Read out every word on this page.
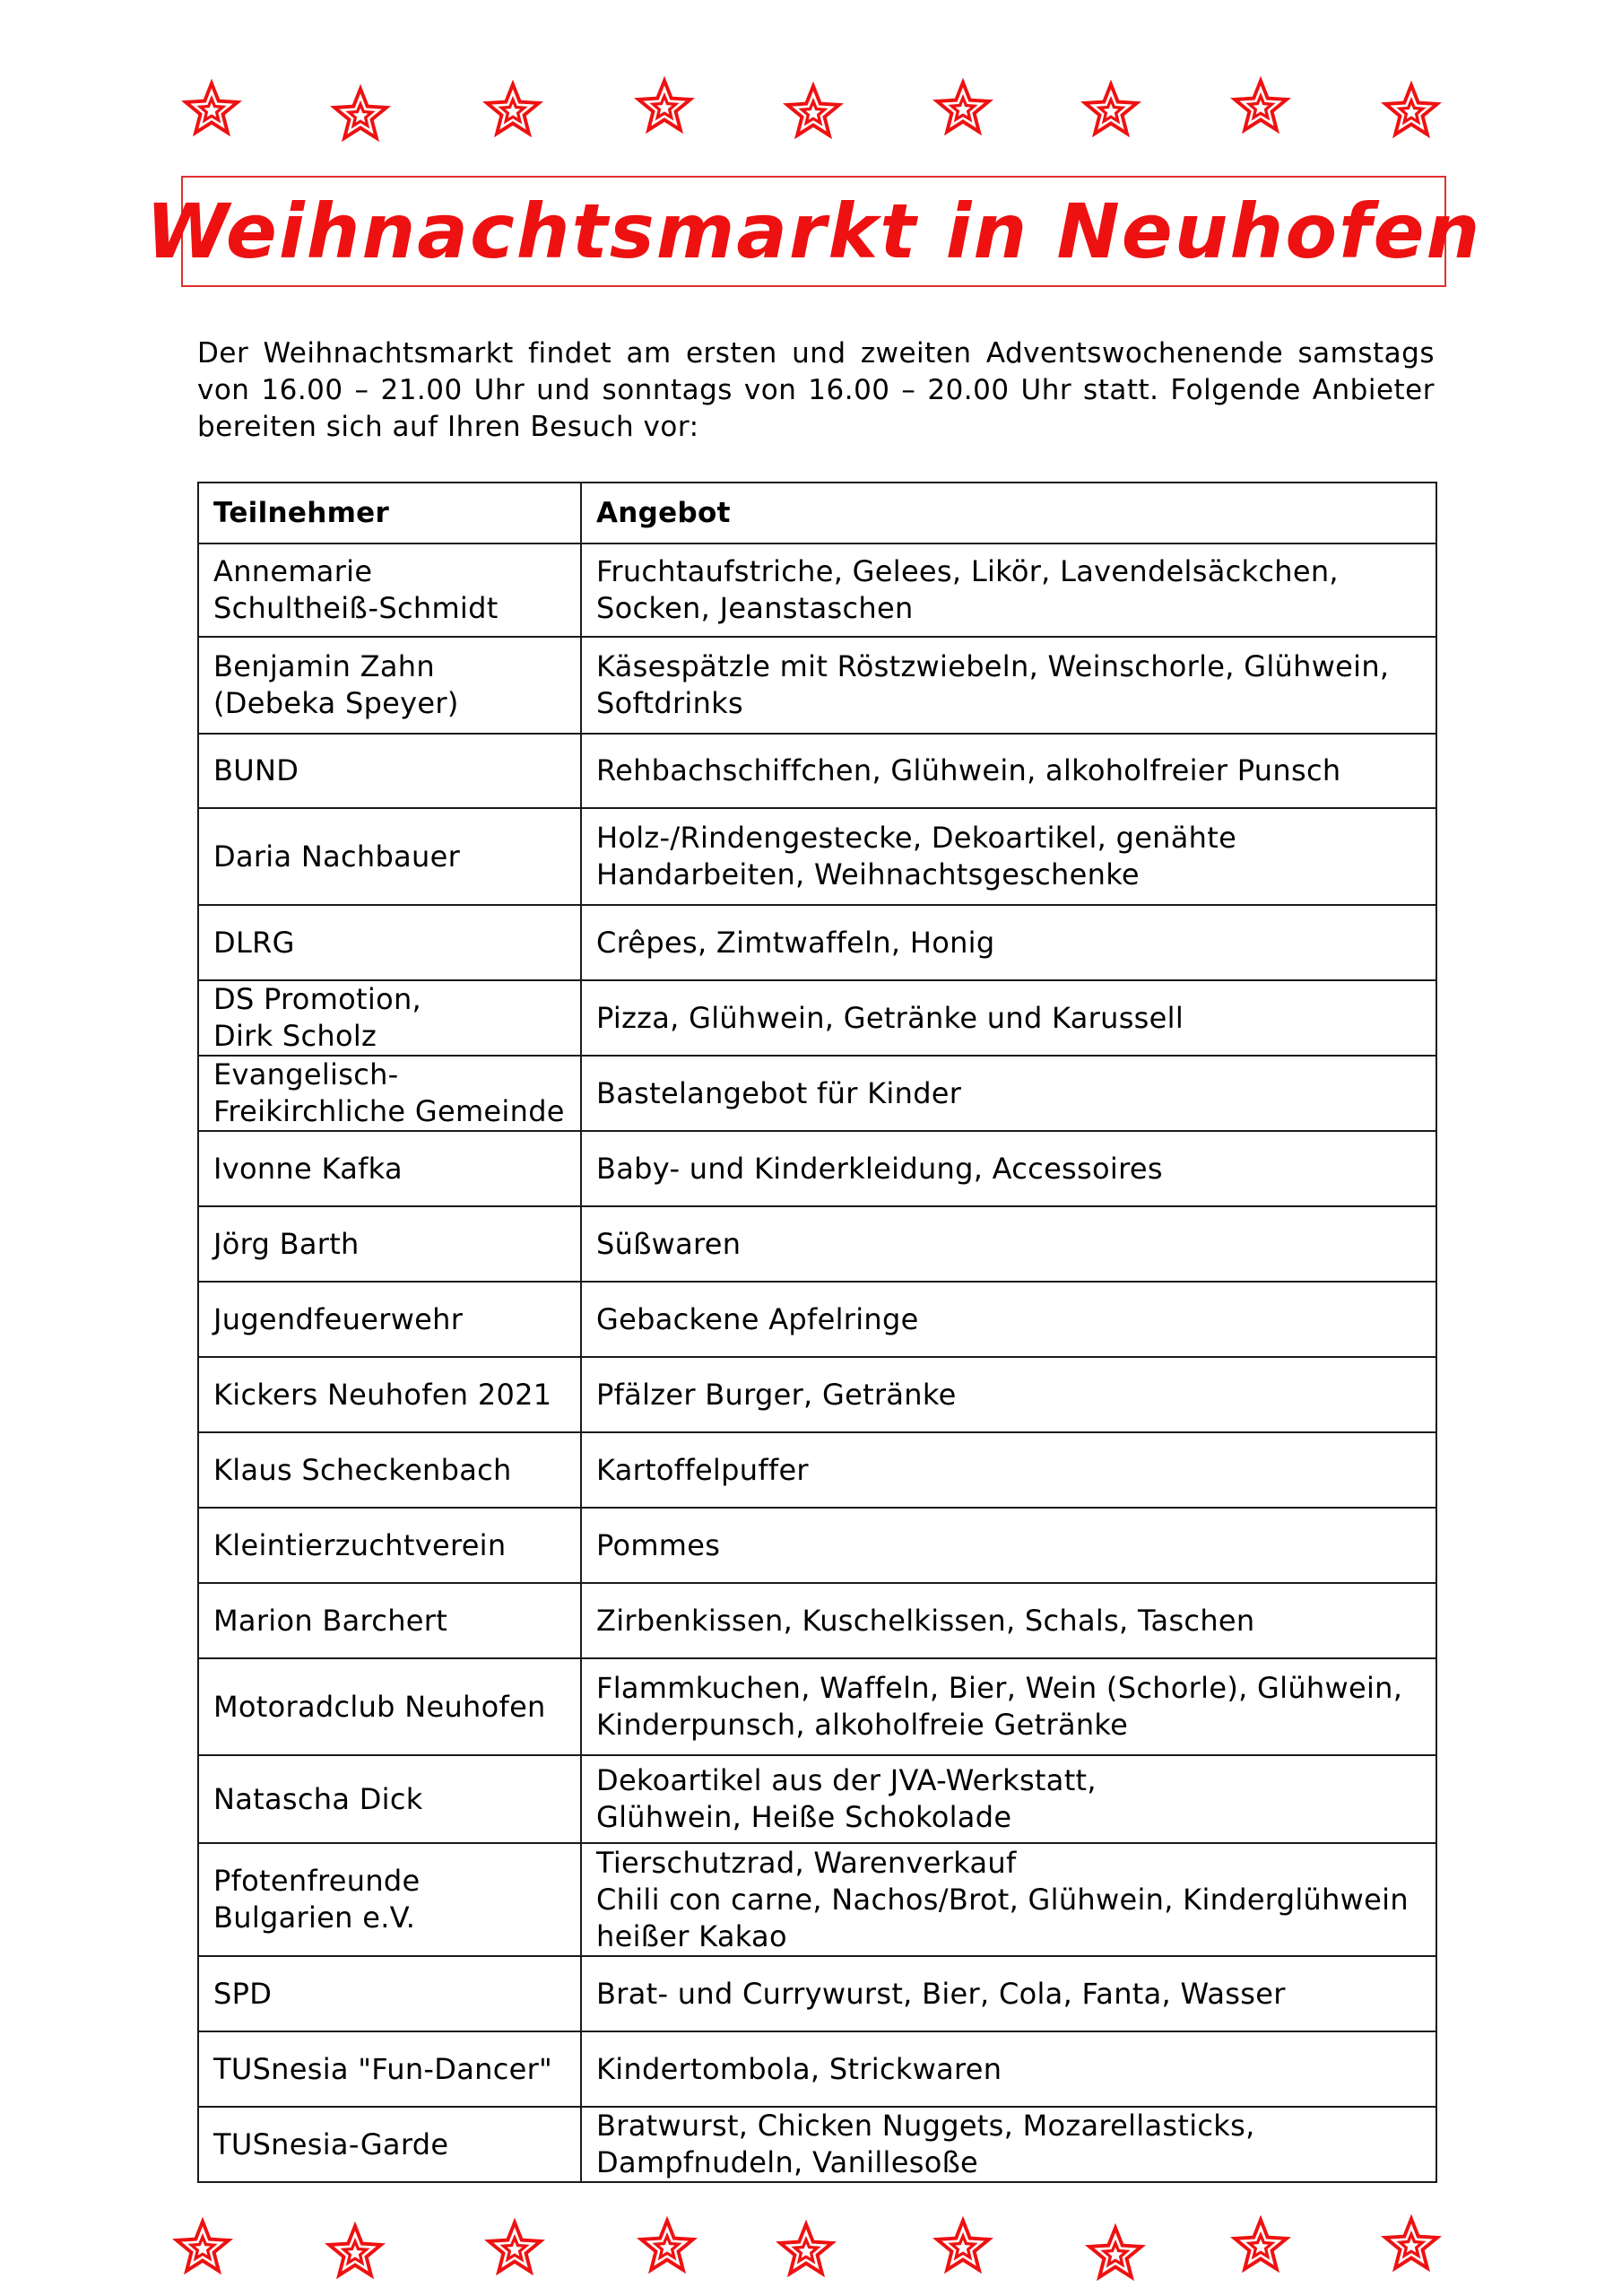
Weihnachtsmarkt in Neuhofen
Der Weihnachtsmarkt findet am ersten und zweiten Adventswochenende samstags
von 16.00 – 21.00 Uhr und sonntags von 16.00 – 20.00 Uhr statt. Folgende Anbieter
bereiten sich auf Ihren Besuch vor:
Teilnehmer	Angebot

Annemarie
Schultheiß-Schmidt	Fruchtaufstriche, Gelees, Likör, Lavendelsäckchen,
Socken, Jeanstaschen

Benjamin Zahn
(Debeka Speyer)	Käsespätzle mit Röstzwiebeln, Weinschorle, Glühwein,
Softdrinks

BUND	Rehbachschiffchen, Glühwein, alkoholfreier Punsch

Daria Nachbauer	Holz-/Rindengestecke, Dekoartikel, genähte
Handarbeiten, Weihnachtsgeschenke

DLRG	Crêpes, Zimtwaffeln, Honig

DS Promotion,
Dirk Scholz	Pizza, Glühwein, Getränke und Karussell

Evangelisch-
Freikirchliche Gemeinde	Bastelangebot für Kinder

Ivonne Kafka	Baby- und Kinderkleidung, Accessoires

Jörg Barth	Süßwaren

Jugendfeuerwehr	Gebackene Apfelringe

Kickers Neuhofen 2021	Pfälzer Burger, Getränke

Klaus Scheckenbach	Kartoffelpuffer

Kleintierzuchtverein	Pommes

Marion Barchert	Zirbenkissen, Kuschelkissen, Schals, Taschen

Motoradclub Neuhofen	Flammkuchen, Waffeln, Bier, Wein (Schorle), Glühwein,
Kinderpunsch, alkoholfreie Getränke

Natascha Dick	Dekoartikel aus der JVA-Werkstatt,
Glühwein, Heiße Schokolade

Pfotenfreunde
Bulgarien e.V.	Tierschutzrad, Warenverkauf
Chili con carne, Nachos/Brot, Glühwein, Kinderglühwein
heißer Kakao

SPD	Brat- und Currywurst, Bier, Cola, Fanta, Wasser

TUSnesia "Fun-Dancer"	Kindertombola, Strickwaren

TUSnesia-Garde	Bratwurst, Chicken Nuggets, Mozarellasticks,
Dampfnudeln, Vanillesoße
